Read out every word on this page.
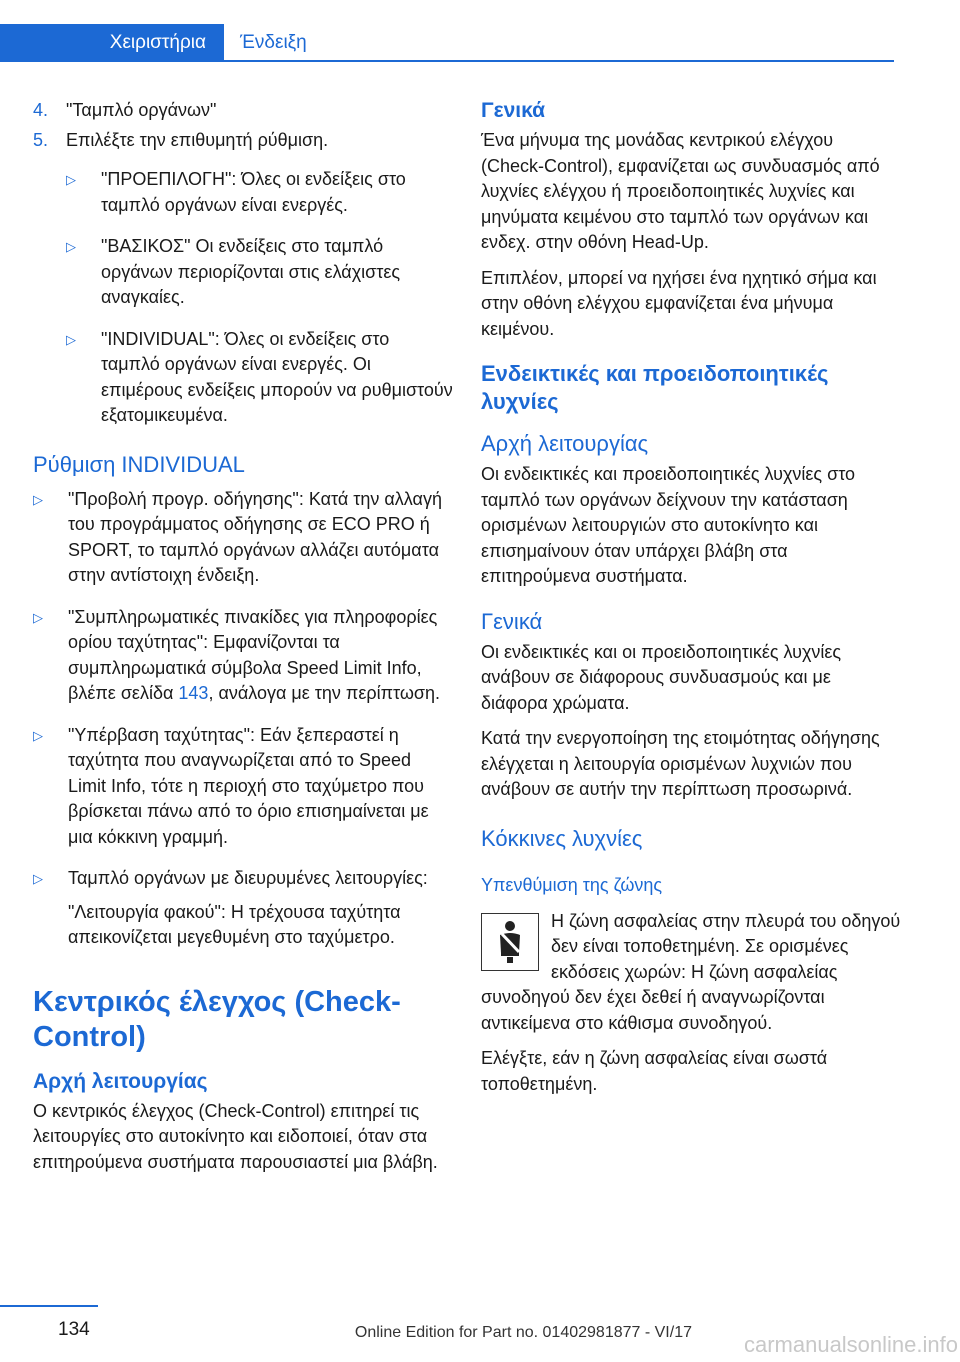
Χειριστήρια	Ένδειξη
4. "Ταμπλό οργάνων"
5. Επιλέξτε την επιθυμητή ρύθμιση.
▷	"ΠΡΟΕΠΙΛΟΓΗ": Όλες οι ενδείξεις στο ταμπλό οργάνων είναι ενεργές.
▷	"ΒΑΣΙΚΟΣ" Οι ενδείξεις στο ταμπλό οργάνων περιορίζονται στις ελάχιστες αναγκαίες.
▷	"INDIVIDUAL": Όλες οι ενδείξεις στο ταμπλό οργάνων είναι ενεργές. Οι επιμέρους ενδείξεις μπορούν να ρυθμιστούν εξατομικευμένα.
Ρύθμιση INDIVIDUAL
▷	"Προβολή προγρ. οδήγησης": Κατά την αλλαγή του προγράμματος οδήγησης σε ECO PRO ή SPORT, το ταμπλό οργάνων αλλάζει αυτόματα στην αντίστοιχη ένδειξη.
▷	"Συμπληρωματικές πινακίδες για πληροφορίες ορίου ταχύτητας": Εμφανίζονται τα συμπληρωματικά σύμβολα Speed Limit Info, βλέπε σελίδα 143, ανάλογα με την περίπτωση.
▷	"Υπέρβαση ταχύτητας": Εάν ξεπεραστεί η ταχύτητα που αναγνωρίζεται από το Speed Limit Info, τότε η περιοχή στο ταχύμετρο που βρίσκεται πάνω από το όριο επισημαίνεται με μια κόκκινη γραμμή.
▷	Ταμπλό οργάνων με διευρυμένες λειτουργίες:
"Λειτουργία φακού": Η τρέχουσα ταχύτητα απεικονίζεται μεγεθυμένη στο ταχύμετρο.
Κεντρικός έλεγχος (Check-Control)
Αρχή λειτουργίας

Ο κεντρικός έλεγχος (Check-Control) επιτηρεί τις λειτουργίες στο αυτοκίνητο και ειδοποιεί, όταν στα επιτηρούμενα συστήματα παρουσιαστεί μια βλάβη.

Γενικά

Ένα μήνυμα της μονάδας κεντρικού ελέγχου (Check-Control), εμφανίζεται ως συνδυασμός από λυχνίες ελέγχου ή προειδοποιητικές λυχνίες και μηνύματα κειμένου στο ταμπλό των οργάνων και ενδεχ. στην οθόνη Head-Up.

Επιπλέον, μπορεί να ηχήσει ένα ηχητικό σήμα και στην οθόνη ελέγχου εμφανίζεται ένα μήνυμα κειμένου.

Ενδεικτικές και προειδοποιητικές λυχνίες
Αρχή λειτουργίας

Οι ενδεικτικές και προειδοποιητικές λυχνίες στο ταμπλό των οργάνων δείχνουν την κατάσταση ορισμένων λειτουργιών στο αυτοκίνητο και επισημαίνουν όταν υπάρχει βλάβη στα επιτηρούμενα συστήματα.

Γενικά

Οι ενδεικτικές και οι προειδοποιητικές λυχνίες ανάβουν σε διάφορους συνδυασμούς και με διάφορα χρώματα.

Κατά την ενεργοποίηση της ετοιμότητας οδήγησης ελέγχεται η λειτουργία ορισμένων λυχνιών που ανάβουν σε αυτήν την περίπτωση προσωρινά.

Κόκκινες λυχνίες
Υπενθύμιση της ζώνης

Η ζώνη ασφαλείας στην πλευρά του οδηγού δεν είναι τοποθετημένη. Σε ορισμένες εκδόσεις χωρών: Η ζώνη ασφαλείας συνοδηγού δεν έχει δεθεί ή αναγνωρίζονται αντικείμενα στο κάθισμα συνοδηγού.

Ελέγξτε, εάν η ζώνη ασφαλείας είναι σωστά τοποθετημένη.

134	Online Edition for Part no. 01402981877 - VI/17 carmanualsonline.info
